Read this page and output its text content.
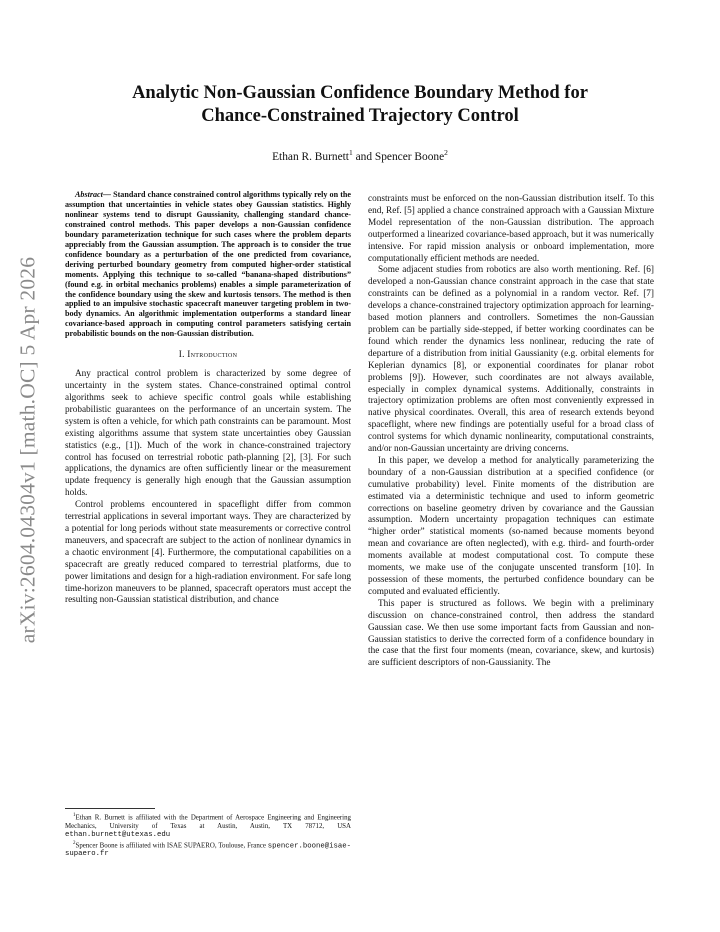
arXiv:2604.04304v1 [math.OC] 5 Apr 2026
Analytic Non-Gaussian Confidence Boundary Method for
Chance-Constrained Trajectory Control
Ethan R. Burnett$^1$ and Spencer Boone$^2$

Abstract— Standard chance constrained control algorithms typically rely on the assumption that uncertainties in vehicle states obey Gaussian statistics. Highly nonlinear systems tend to disrupt Gaussianity, challenging standard chance-constrained control methods. This paper develops a non-Gaussian confidence boundary parameterization technique for such cases where the problem departs appreciably from the Gaussian assumption. The approach is to consider the true confidence boundary as a perturbation of the one predicted from covariance, deriving perturbed boundary geometry from computed higher-order statistical moments. Applying this technique to so-called “banana-shaped distributions” (found e.g. in orbital mechanics problems) enables a simple parameterization of the confidence boundary using the skew and kurtosis tensors. The method is then applied to an impulsive stochastic spacecraft maneuver targeting problem in two-body dynamics. An algorithmic implementation outperforms a standard linear covariance-based approach in computing control parameters satisfying certain probabilistic bounds on the non-Gaussian distribution.

I. Introduction

Any practical control problem is characterized by some degree of uncertainty in the system states. Chance-constrained optimal control algorithms seek to achieve specific control goals while establishing probabilistic guarantees on the performance of an uncertain system. The system is often a vehicle, for which path constraints can be paramount. Most existing algorithms assume that system state uncertainties obey Gaussian statistics (e.g., [1]). Much of the work in chance-constrained trajectory control has focused on terrestrial robotic path-planning [2], [3]. For such applications, the dynamics are often sufficiently linear or the measurement update frequency is generally high enough that the Gaussian assumption holds.

Control problems encountered in spaceflight differ from common terrestrial applications in several important ways. They are characterized by a potential for long periods without state measurements or corrective control maneuvers, and spacecraft are subject to the action of nonlinear dynamics in a chaotic environment [4]. Furthermore, the computational capabilities on a spacecraft are greatly reduced compared to terrestrial platforms, due to power limitations and design for a high-radiation environment. For safe long time-horizon maneuvers to be planned, spacecraft operators must accept the resulting non-Gaussian statistical distribution, and chance

constraints must be enforced on the non-Gaussian distribution itself. To this end, Ref. [5] applied a chance constrained approach with a Gaussian Mixture Model representation of the non-Gaussian distribution. The approach outperformed a linearized covariance-based approach, but it was numerically intensive. For rapid mission analysis or onboard implementation, more computationally efficient methods are needed.

Some adjacent studies from robotics are also worth mentioning. Ref. [6] developed a non-Gaussian chance constraint approach in the case that state constraints can be defined as a polynomial in a random vector. Ref. [7] develops a chance-constrained trajectory optimization approach for learning-based motion planners and controllers. Sometimes the non-Gaussian problem can be partially side-stepped, if better working coordinates can be found which render the dynamics less nonlinear, reducing the rate of departure of a distribution from initial Gaussianity (e.g. orbital elements for Keplerian dynamics [8], or exponential coordinates for planar robot problems [9]). However, such coordinates are not always available, especially in complex dynamical systems. Additionally, constraints in trajectory optimization problems are often most conveniently expressed in native physical coordinates. Overall, this area of research extends beyond spaceflight, where new findings are potentially useful for a broad class of control systems for which dynamic nonlinearity, computational constraints, and/or non-Gaussian uncertainty are driving concerns.

In this paper, we develop a method for analytically parameterizing the boundary of a non-Gaussian distribution at a specified confidence (or cumulative probability) level. Finite moments of the distribution are estimated via a deterministic technique and used to inform geometric corrections on baseline geometry driven by covariance and the Gaussian assumption. Modern uncertainty propagation techniques can estimate “higher order” statistical moments (so-named because moments beyond mean and covariance are often neglected), with e.g. third- and fourth-order moments available at modest computational cost. To compute these moments, we make use of the conjugate unscented transform [10]. In possession of these moments, the perturbed confidence boundary can be computed and evaluated efficiently.

This paper is structured as follows. We begin with a preliminary discussion on chance-constrained control, then address the standard Gaussian case. We then use some important facts from Gaussian and non-Gaussian statistics to derive the corrected form of a confidence boundary in the case that the first four moments (mean, covariance, skew, and kurtosis) are sufficient descriptors of non-Gaussianity. The

$^1$Ethan R. Burnett is affiliated with the Department of Aerospace Engineering and Engineering Mechanics, University of Texas at Austin, Austin, TX 78712, USA ethan.burnett@utexas.edu

$^2$Spencer Boone is affiliated with ISAE SUPAERO, Toulouse, France spencer.boone@isae-supaero.fr
